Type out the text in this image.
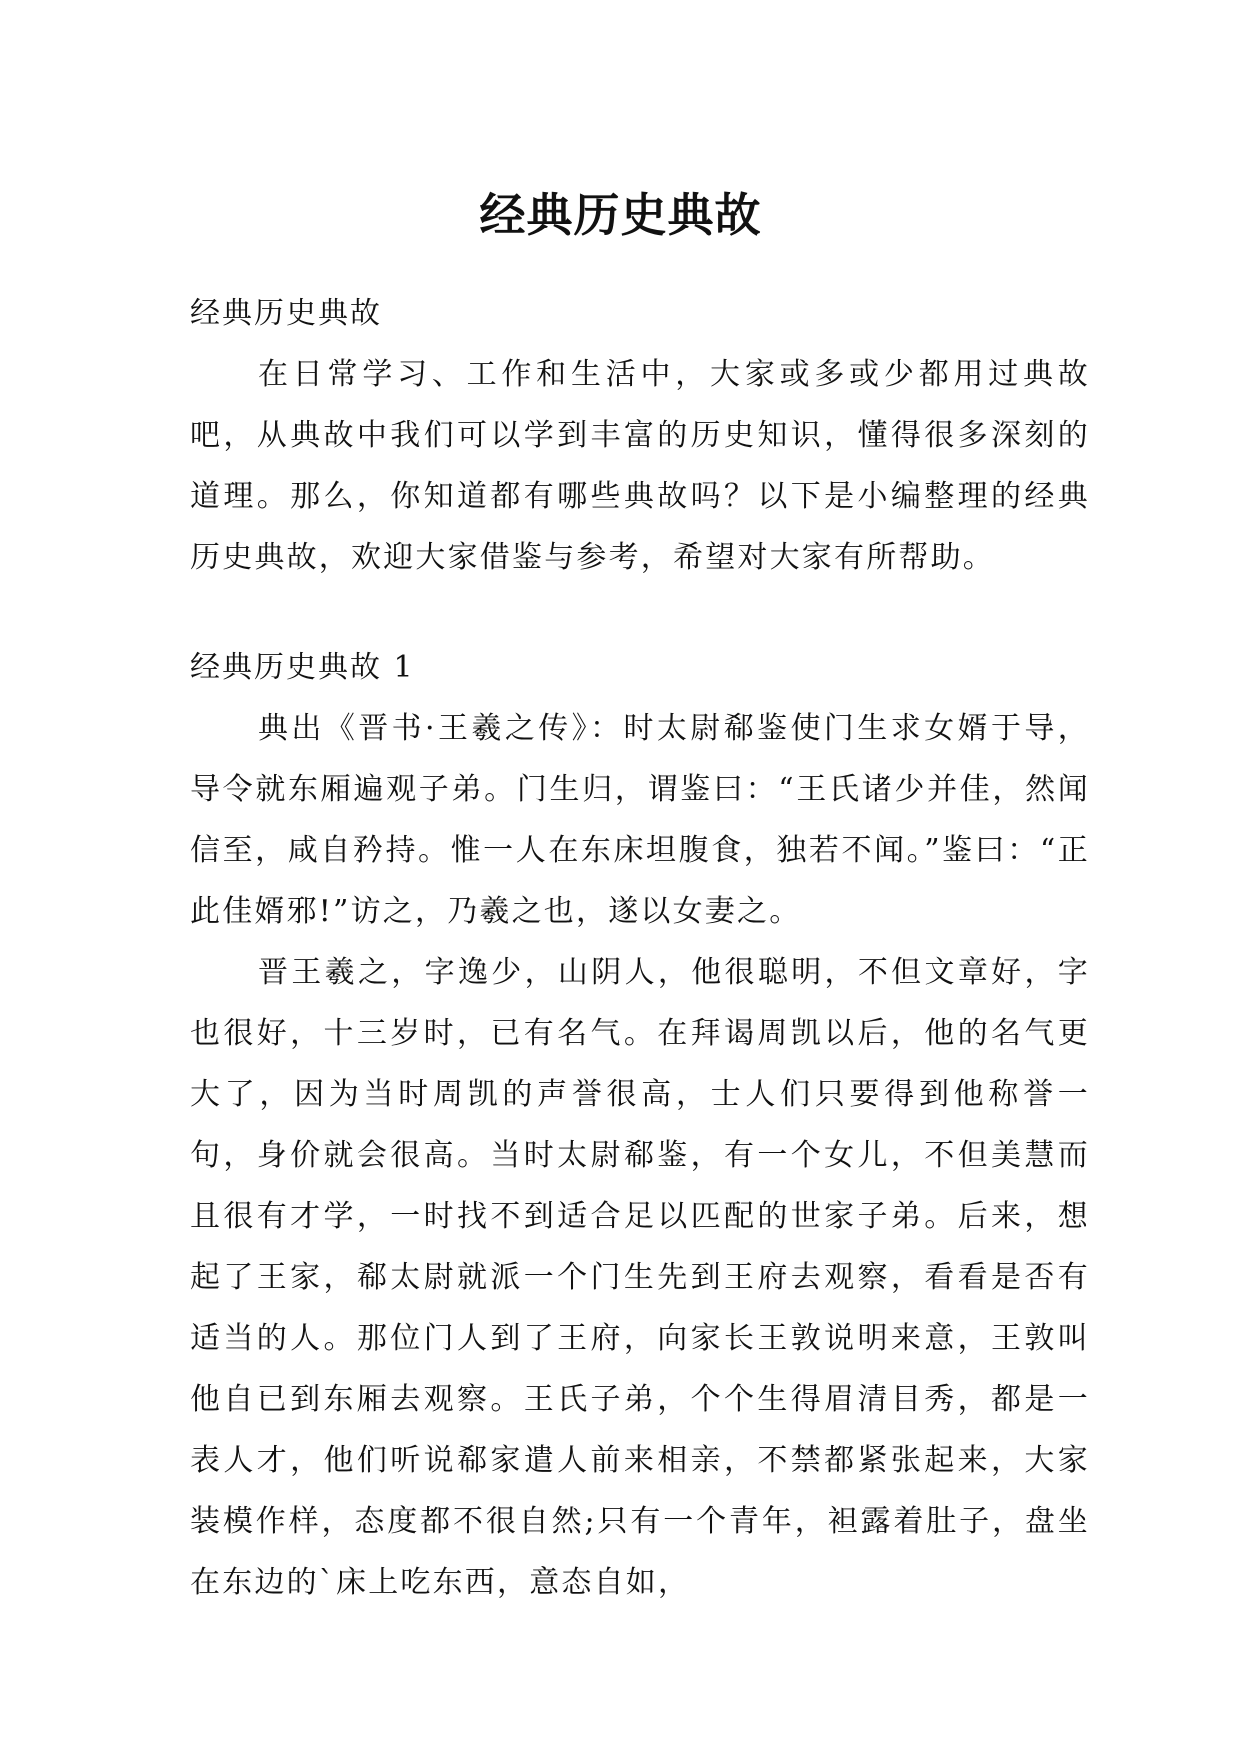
经典历史典故

经典历史典故

在日常学习、工作和生活中，大家或多或少都用过典故吧，从典故中我们可以学到丰富的历史知识，懂得很多深刻的道理。那么，你知道都有哪些典故吗？以下是小编整理的经典历史典故，欢迎大家借鉴与参考，希望对大家有所帮助。

经典历史典故 1

典出《晋书·王羲之传》：时太尉郗鉴使门生求女婿于导，导令就东厢遍观子弟。门生归，谓鉴曰：“王氏诸少并佳，然闻信至，咸自矜持。惟一人在东床坦腹食，独若不闻。”鉴曰：“正此佳婿邪!”访之，乃羲之也，遂以女妻之。

晋王羲之，字逸少，山阴人，他很聪明，不但文章好，字也很好，十三岁时，已有名气。在拜谒周凯以后，他的名气更大了，因为当时周凯的声誉很高，士人们只要得到他称誉一句，身价就会很高。当时太尉郗鉴，有一个女儿，不但美慧而且很有才学，一时找不到适合足以匹配的世家子弟。后来，想起了王家，郗太尉就派一个门生先到王府去观察，看看是否有适当的人。那位门人到了王府，向家长王敦说明来意，王敦叫他自已到东厢去观察。王氏子弟，个个生得眉清目秀，都是一表人才，他们听说郗家遣人前来相亲，不禁都紧张起来，大家装模作样，态度都不很自然;只有一个青年，袒露着肚子，盘坐在东边的`床上吃东西，意态自如，
